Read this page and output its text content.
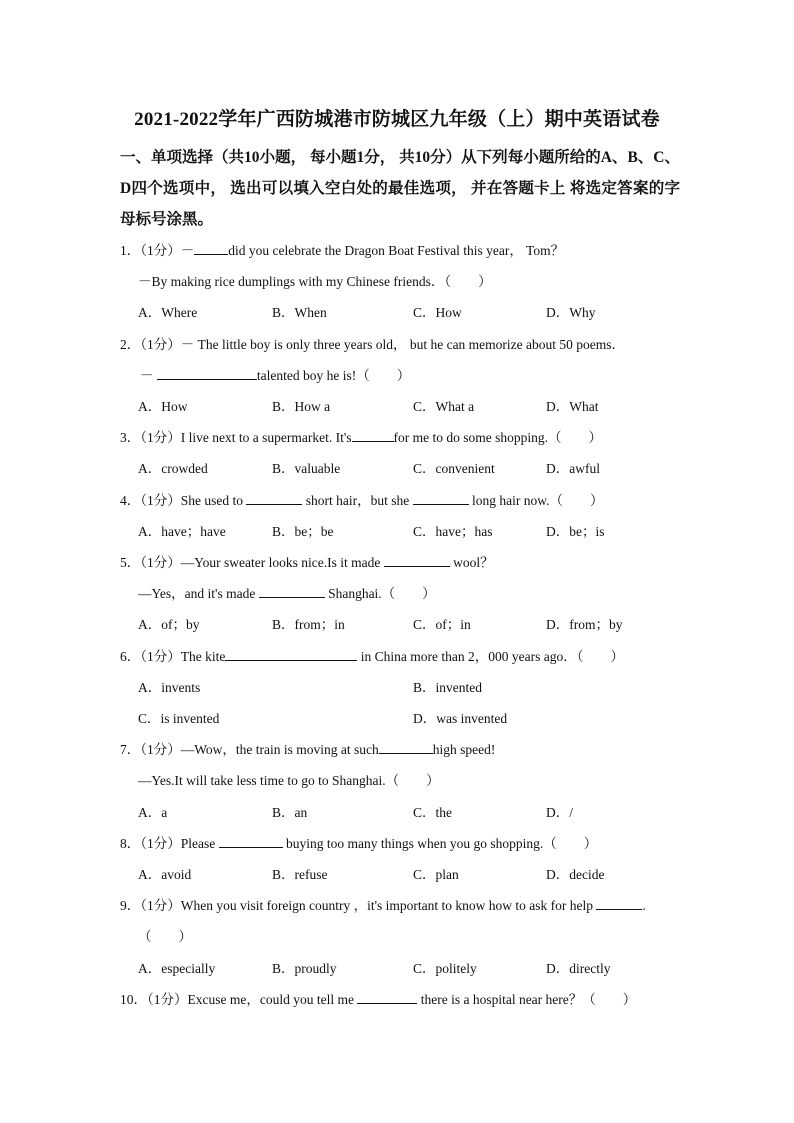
2021-2022学年广西防城港市防城区九年级（上）期中英语试卷
一、单项选择（共10小题， 每小题1分， 共10分）从下列每小题所给的A、B、C、D四个选项中， 选出可以填入空白处的最佳选项， 并在答题卡上 将选定答案的字母标号涂黑。
1．（1分）－	did you celebrate the Dragon Boat Festival this year， Tom？
－By making rice dumplings with my Chinese friends．（　　）
A．Where	B．When	C．How	D．Why
2．（1分）－ The little boy is only three years old， but he can memorize about 50 poems．
－	talented boy he is!（　　）
A．How	B．How a	C．What a	D．What
3．（1分）I live next to a supermarket. It's	for me to do some shopping.（　　）
A．crowded	B．valuable	C．convenient	D．awful
4．（1分）She used to	short hair，but she	long hair now.（　　）
A．have；have	B．be；be	C．have；has	D．be；is
5．（1分）—Your sweater looks nice.Is it made	wool？
—Yes，and it's made	Shanghai.（　　）
A．of；by	B．from；in	C．of；in	D．from；by
6．（1分）The kite	in China more than 2，000 years ago．（　　）
A．invents	B．invented
C．is invented	D．was invented
7．（1分）—Wow，the train is moving at such	high speed!
—Yes.It will take less time to go to Shanghai.（　　）
A．a	B．an	C．the	D．/
8．（1分）Please	buying too many things when you go shopping.（　　）
A．avoid	B．refuse	C．plan	D．decide
9．（1分）When you visit foreign country ，it's important to know how to ask for help	.
（　　）
A．especially	B．proudly	C．politely	D．directly
10．（1分）Excuse me，could you tell me	there is a hospital near here？（　　）
